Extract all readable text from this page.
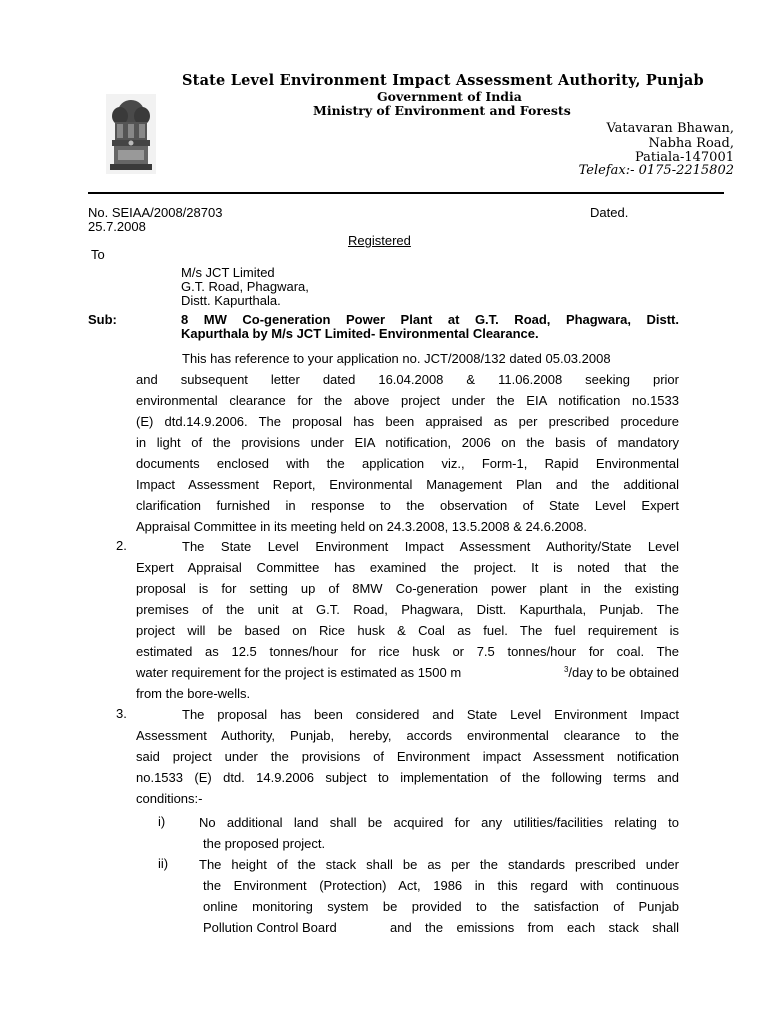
State Level Environment Impact Assessment Authority, Punjab
Government of India
Ministry of Environment and Forests
Vatavaran Bhawan,
Nabha Road,
Patiala-147001
Telefax:- 0175-2215802
No. SEIAA/2008/28703	Dated.
25.7.2008
Registered
To
M/s JCT Limited
G.T. Road, Phagwara,
Distt. Kapurthala.
Sub:	8 MW Co-generation Power Plant at G.T. Road, Phagwara, Distt.
Kapurthala by M/s JCT Limited- Environmental Clearance.
This has reference to your application no. JCT/2008/132 dated 05.03.2008
and subsequent letter dated 16.04.2008 & 11.06.2008 seeking prior
environmental clearance for the above project under the EIA notification no.1533
(E) dtd.14.9.2006. The proposal has been appraised as per prescribed procedure
in light of the provisions under EIA notification, 2006 on the basis of mandatory
documents enclosed with the application viz., Form-1, Rapid Environmental
Impact Assessment Report, Environmental Management Plan and the additional
clarification furnished in response to the observation of State Level Expert
Appraisal Committee in its meeting held on 24.3.2008, 13.5.2008 & 24.6.2008.
2.	The State Level Environment Impact Assessment Authority/State Level
Expert Appraisal Committee has examined the project. It is noted that the
proposal is for setting up of 8MW Co-generation power plant in the existing
premises of the unit at G.T. Road, Phagwara, Distt. Kapurthala, Punjab. The
project will be based on Rice husk & Coal as fuel. The fuel requirement is
estimated as 12.5 tonnes/hour for rice husk or 7.5 tonnes/hour for coal. The
water requirement for the project is estimated as 1500 m	$^3$/day to be obtained
from the bore-wells.
3.	The proposal has been considered and State Level Environment Impact
Assessment Authority, Punjab, hereby, accords environmental clearance to the
said project under the provisions of Environment impact Assessment notification
no.1533 (E) dtd. 14.9.2006 subject to implementation of the following terms and
conditions:-
i)	No additional land shall be acquired for any utilities/facilities relating to
the proposed project.
ii) The height of the stack shall be as per the standards prescribed under
the Environment (Protection) Act, 1986 in this regard with continuous
online monitoring system be provided to the satisfaction of Punjab
Pollution Control Board	and the emissions from each stack shall
